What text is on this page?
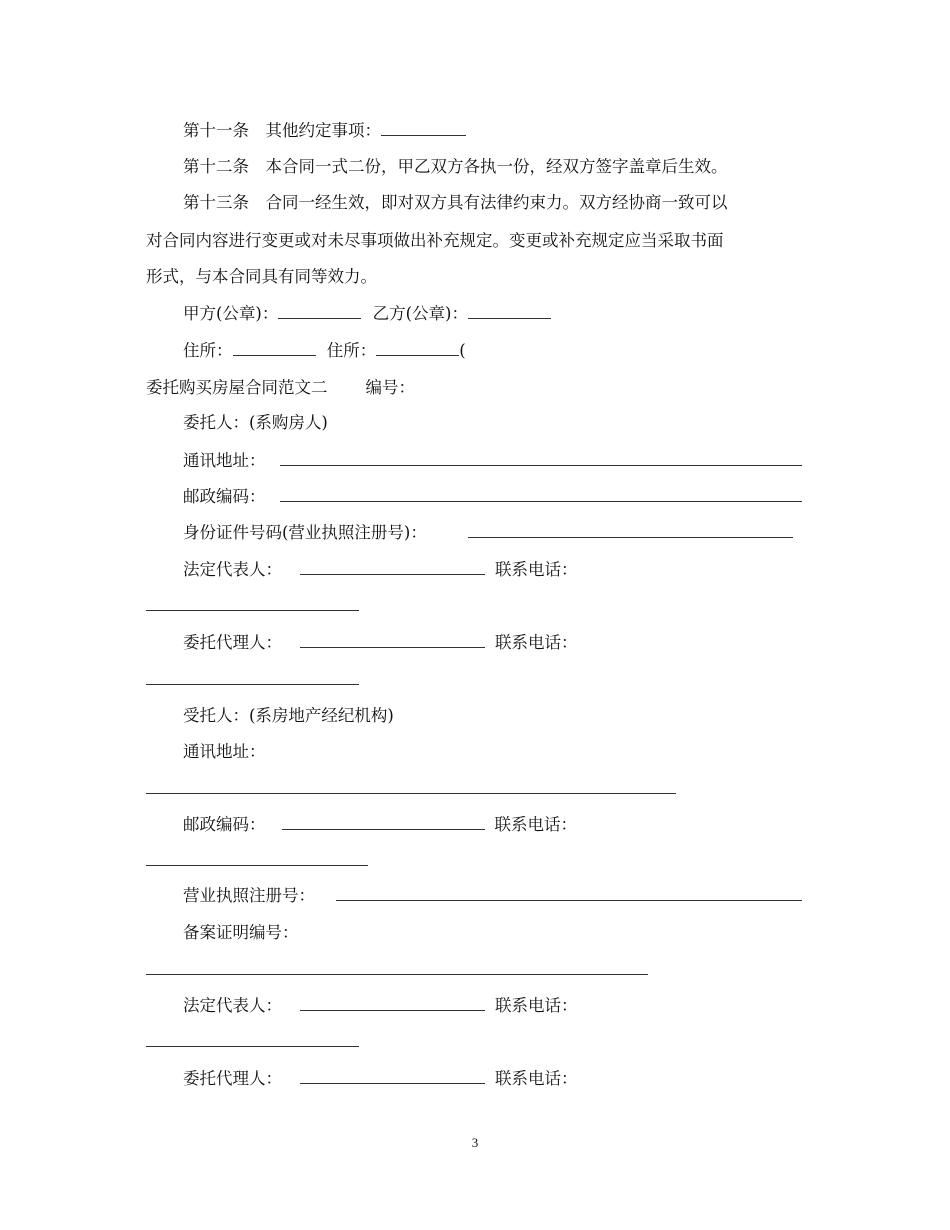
第十一条　其他约定事项：
第十二条　本合同一式二份，甲乙双方各执一份，经双方签字盖章后生效。
第十三条　合同一经生效，即对双方具有法律约束力。双方经协商一致可以
对合同内容进行变更或对未尽事项做出补充规定。变更或补充规定应当采取书面
形式，与本合同具有同等效力。
甲方(公章)：	乙方(公章)：
住所：	住所：	(
委托购买房屋合同范文二 编号：
委托人：(系购房人)
通讯地址：
邮政编码：
身份证件号码(营业执照注册号)：
法定代表人：	联系电话：
委托代理人：	联系电话：
受托人：(系房地产经纪机构)
通讯地址：
邮政编码：	联系电话：
营业执照注册号：
备案证明编号：
法定代表人：	联系电话：
委托代理人：	联系电话：
3
